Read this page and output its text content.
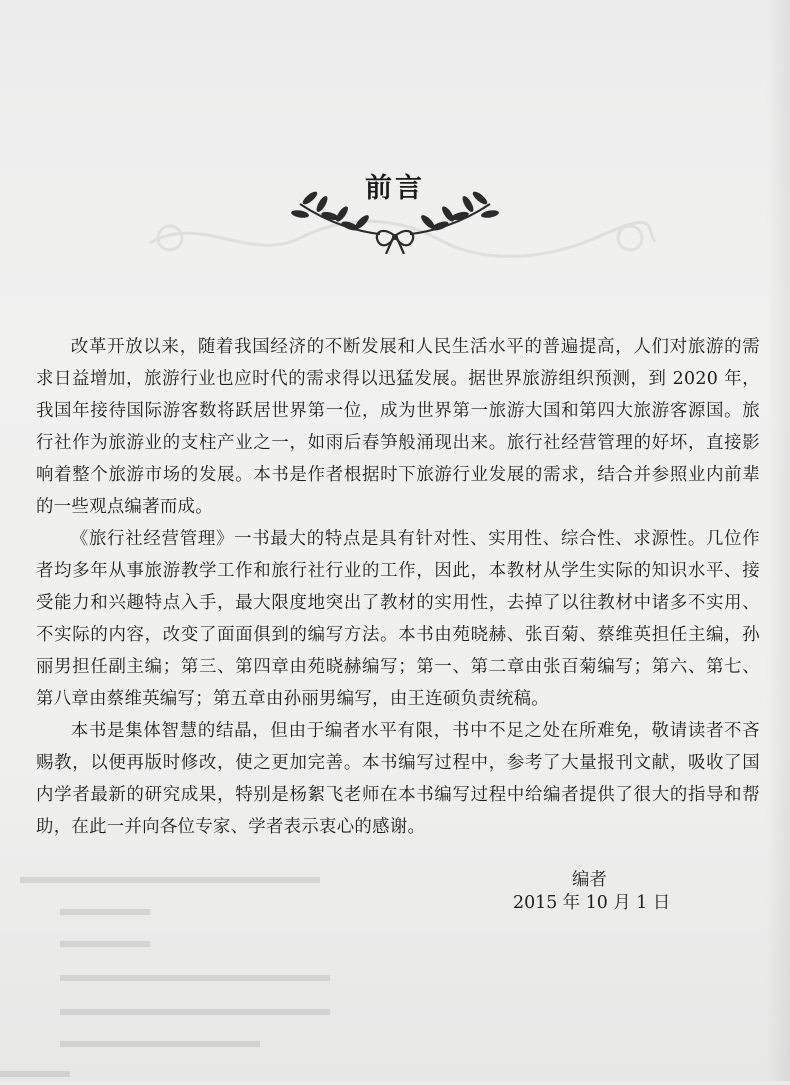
前言

改革开放以来，随着我国经济的不断发展和人民生活水平的普遍提高，人们对旅游的需求日益增加，旅游行业也应时代的需求得以迅猛发展。据世界旅游组织预测，到 2020 年，我国年接待国际游客数将跃居世界第一位，成为世界第一旅游大国和第四大旅游客源国。旅行社作为旅游业的支柱产业之一，如雨后春笋般涌现出来。旅行社经营管理的好坏，直接影响着整个旅游市场的发展。本书是作者根据时下旅游行业发展的需求，结合并参照业内前辈的一些观点编著而成。

《旅行社经营管理》一书最大的特点是具有针对性、实用性、综合性、求源性。几位作者均多年从事旅游教学工作和旅行社行业的工作，因此，本教材从学生实际的知识水平、接受能力和兴趣特点入手，最大限度地突出了教材的实用性，去掉了以往教材中诸多不实用、不实际的内容，改变了面面俱到的编写方法。本书由苑晓赫、张百菊、蔡维英担任主编，孙丽男担任副主编；第三、第四章由苑晓赫编写；第一、第二章由张百菊编写；第六、第七、第八章由蔡维英编写；第五章由孙丽男编写，由王连硕负责统稿。

本书是集体智慧的结晶，但由于编者水平有限，书中不足之处在所难免，敬请读者不吝赐教，以便再版时修改，使之更加完善。本书编写过程中，参考了大量报刊文献，吸收了国内学者最新的研究成果，特别是杨絮飞老师在本书编写过程中给编者提供了很大的指导和帮助，在此一并向各位专家、学者表示衷心的感谢。

编者
2015 年 10 月 1 日
